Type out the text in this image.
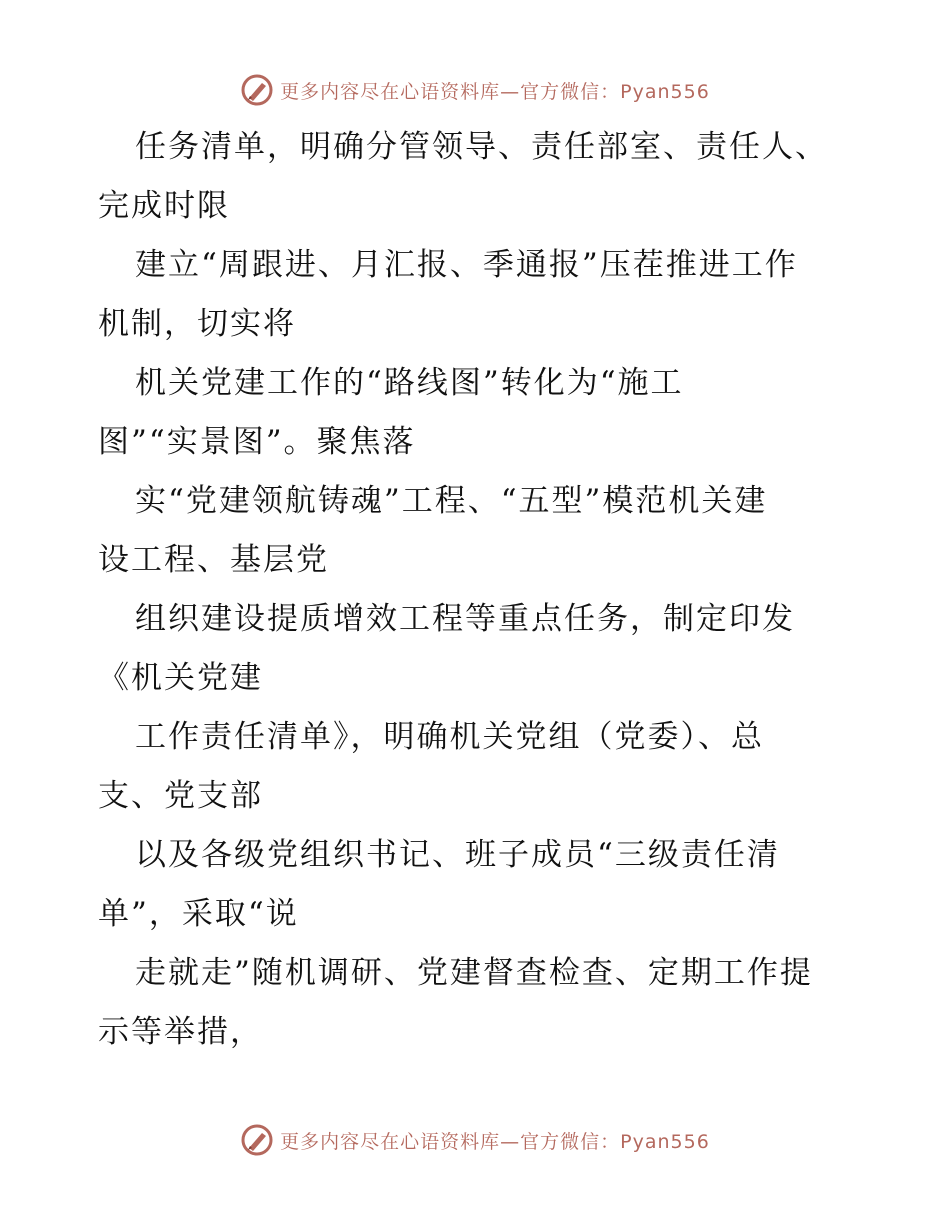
更多内容尽在心语资料库—官方微信：Pyan556
任务清单，明确分管领导、责任部室、责任人、
完成时限
建立“周跟进、月汇报、季通报”压茬推进工作
机制，切实将
机关党建工作的“路线图”转化为“施工
图”“实景图”。聚焦落
实“党建领航铸魂”工程、“五型”模范机关建
设工程、基层党
组织建设提质增效工程等重点任务，制定印发
《机关党建
工作责任清单》，明确机关党组（党委）、总
支、党支部
以及各级党组织书记、班子成员“三级责任清
单”，采取“说
走就走”随机调研、党建督查检查、定期工作提
示等举措，
更多内容尽在心语资料库—官方微信：Pyan556
